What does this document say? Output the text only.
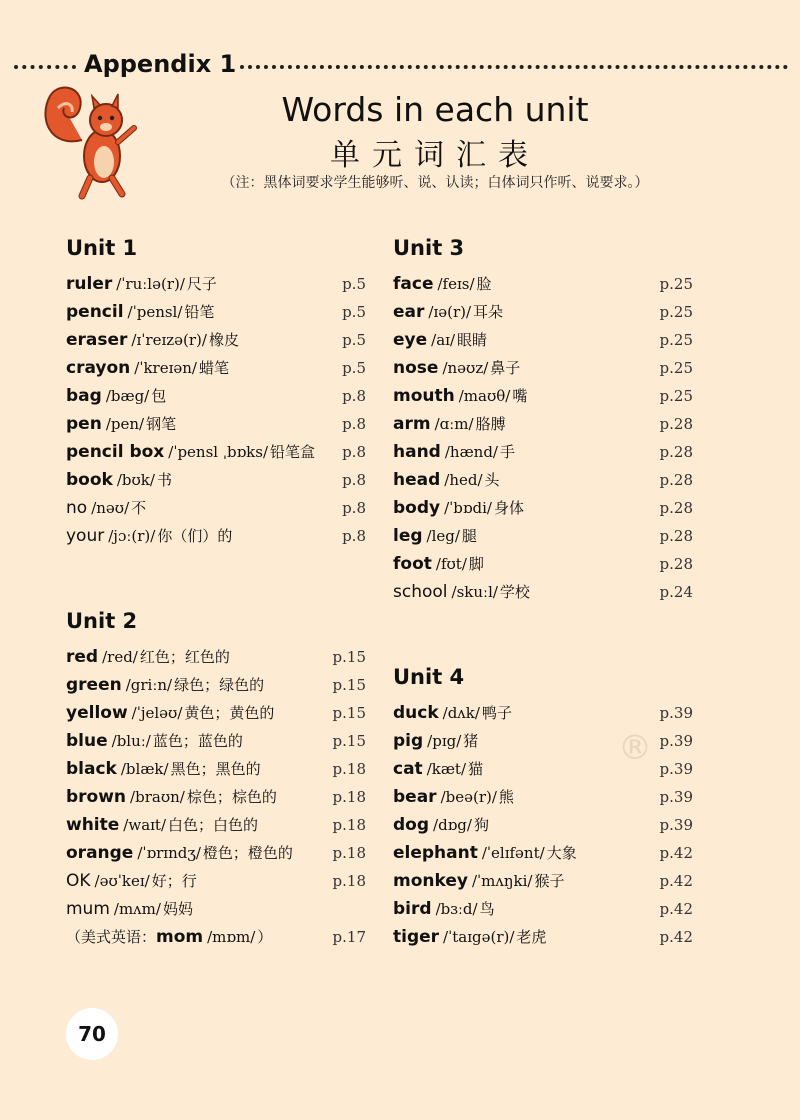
Appendix 1
Words in each unit
单元词汇表
（注：黑体词要求学生能够听、说、认读；白体词只作听、说要求。）
®
Unit 1
ruler /ˈruːlə(r)/ 尺子	p.5
pencil /ˈpensl/ 铅笔	p.5
eraser /ɪˈreɪzə(r)/ 橡皮	p.5
crayon /ˈkreɪən/ 蜡笔	p.5
bag /bæg/ 包	p.8
pen /pen/ 钢笔	p.8
pencil box /ˈpensl ˌbɒks/ 铅笔盒 p.8
book /bʊk/ 书	p.8
no /nəʊ/ 不	p.8
your /jɔː(r)/ 你（们）的	p.8
Unit 2
red /red/ 红色；红色的	p.15
green /griːn/ 绿色；绿色的	p.15
yellow /ˈjeləʊ/ 黄色；黄色的	p.15
blue /bluː/ 蓝色；蓝色的	p.15
black /blæk/ 黑色；黑色的	p.18
brown /braʊn/ 棕色；棕色的	p.18
white /waɪt/ 白色；白色的	p.18
orange /ˈɒrɪndʒ/ 橙色；橙色的	p.18
OK /əʊˈkeɪ/ 好；行	p.18
mum /mʌm/ 妈妈
（美式英语：mom /mɒm/ ）	p.17
Unit 3
face /feɪs/ 脸	p.25
ear /ɪə(r)/ 耳朵	p.25
eye /aɪ/ 眼睛	p.25
nose /nəʊz/ 鼻子	p.25
mouth /maʊθ/ 嘴	p.25
arm /ɑːm/ 胳膊	p.28
hand /hænd/ 手	p.28
head /hed/ 头	p.28
body /ˈbɒdi/ 身体	p.28
leg /leg/ 腿	p.28
foot /fʊt/ 脚	p.28
school /skuːl/ 学校	p.24
Unit 4
duck /dʌk/ 鸭子	p.39
pig /pɪg/ 猪	p.39
cat /kæt/ 猫	p.39
bear /beə(r)/ 熊	p.39
dog /dɒg/ 狗	p.39
elephant /ˈelɪfənt/ 大象	p.42
monkey /ˈmʌŋki/ 猴子	p.42
bird /bɜːd/ 鸟	p.42
tiger /ˈtaɪgə(r)/ 老虎	p.42
70
